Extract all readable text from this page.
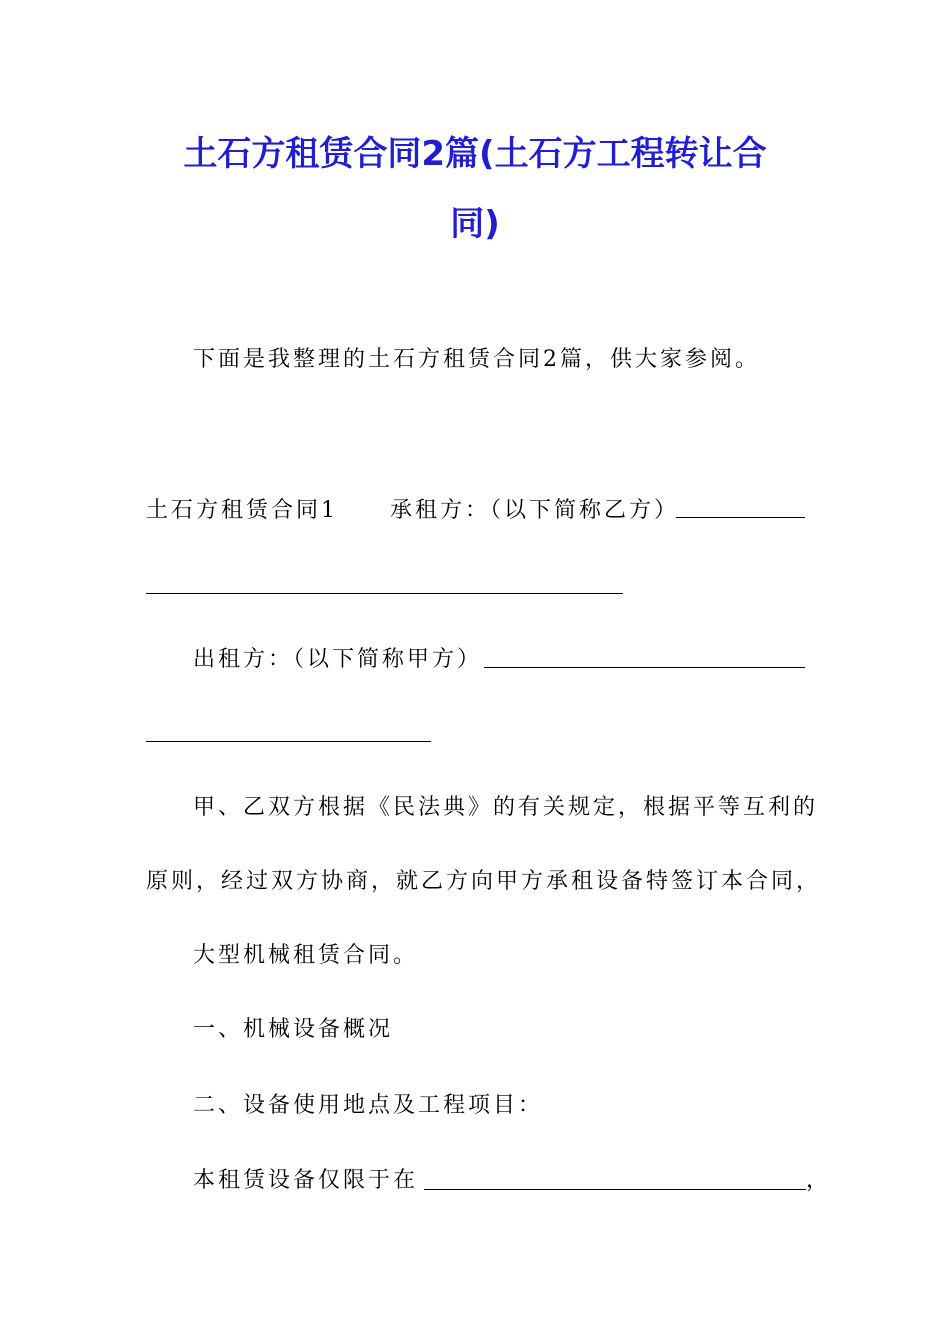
土石方租赁合同2篇(土石方工程转让合
同)
下面是我整理的土石方租赁合同2篇，供大家参阅。
土石方租赁合同1 承租方：（以下简称乙方）
出租方：（以下简称甲方）
甲、乙双方根据《民法典》的有关规定，根据平等互利的
原则，经过双方协商，就乙方向甲方承租设备特签订本合同，
大型机械租赁合同。
一、机械设备概况
二、设备使用地点及工程项目：
本租赁设备仅限于在	，
